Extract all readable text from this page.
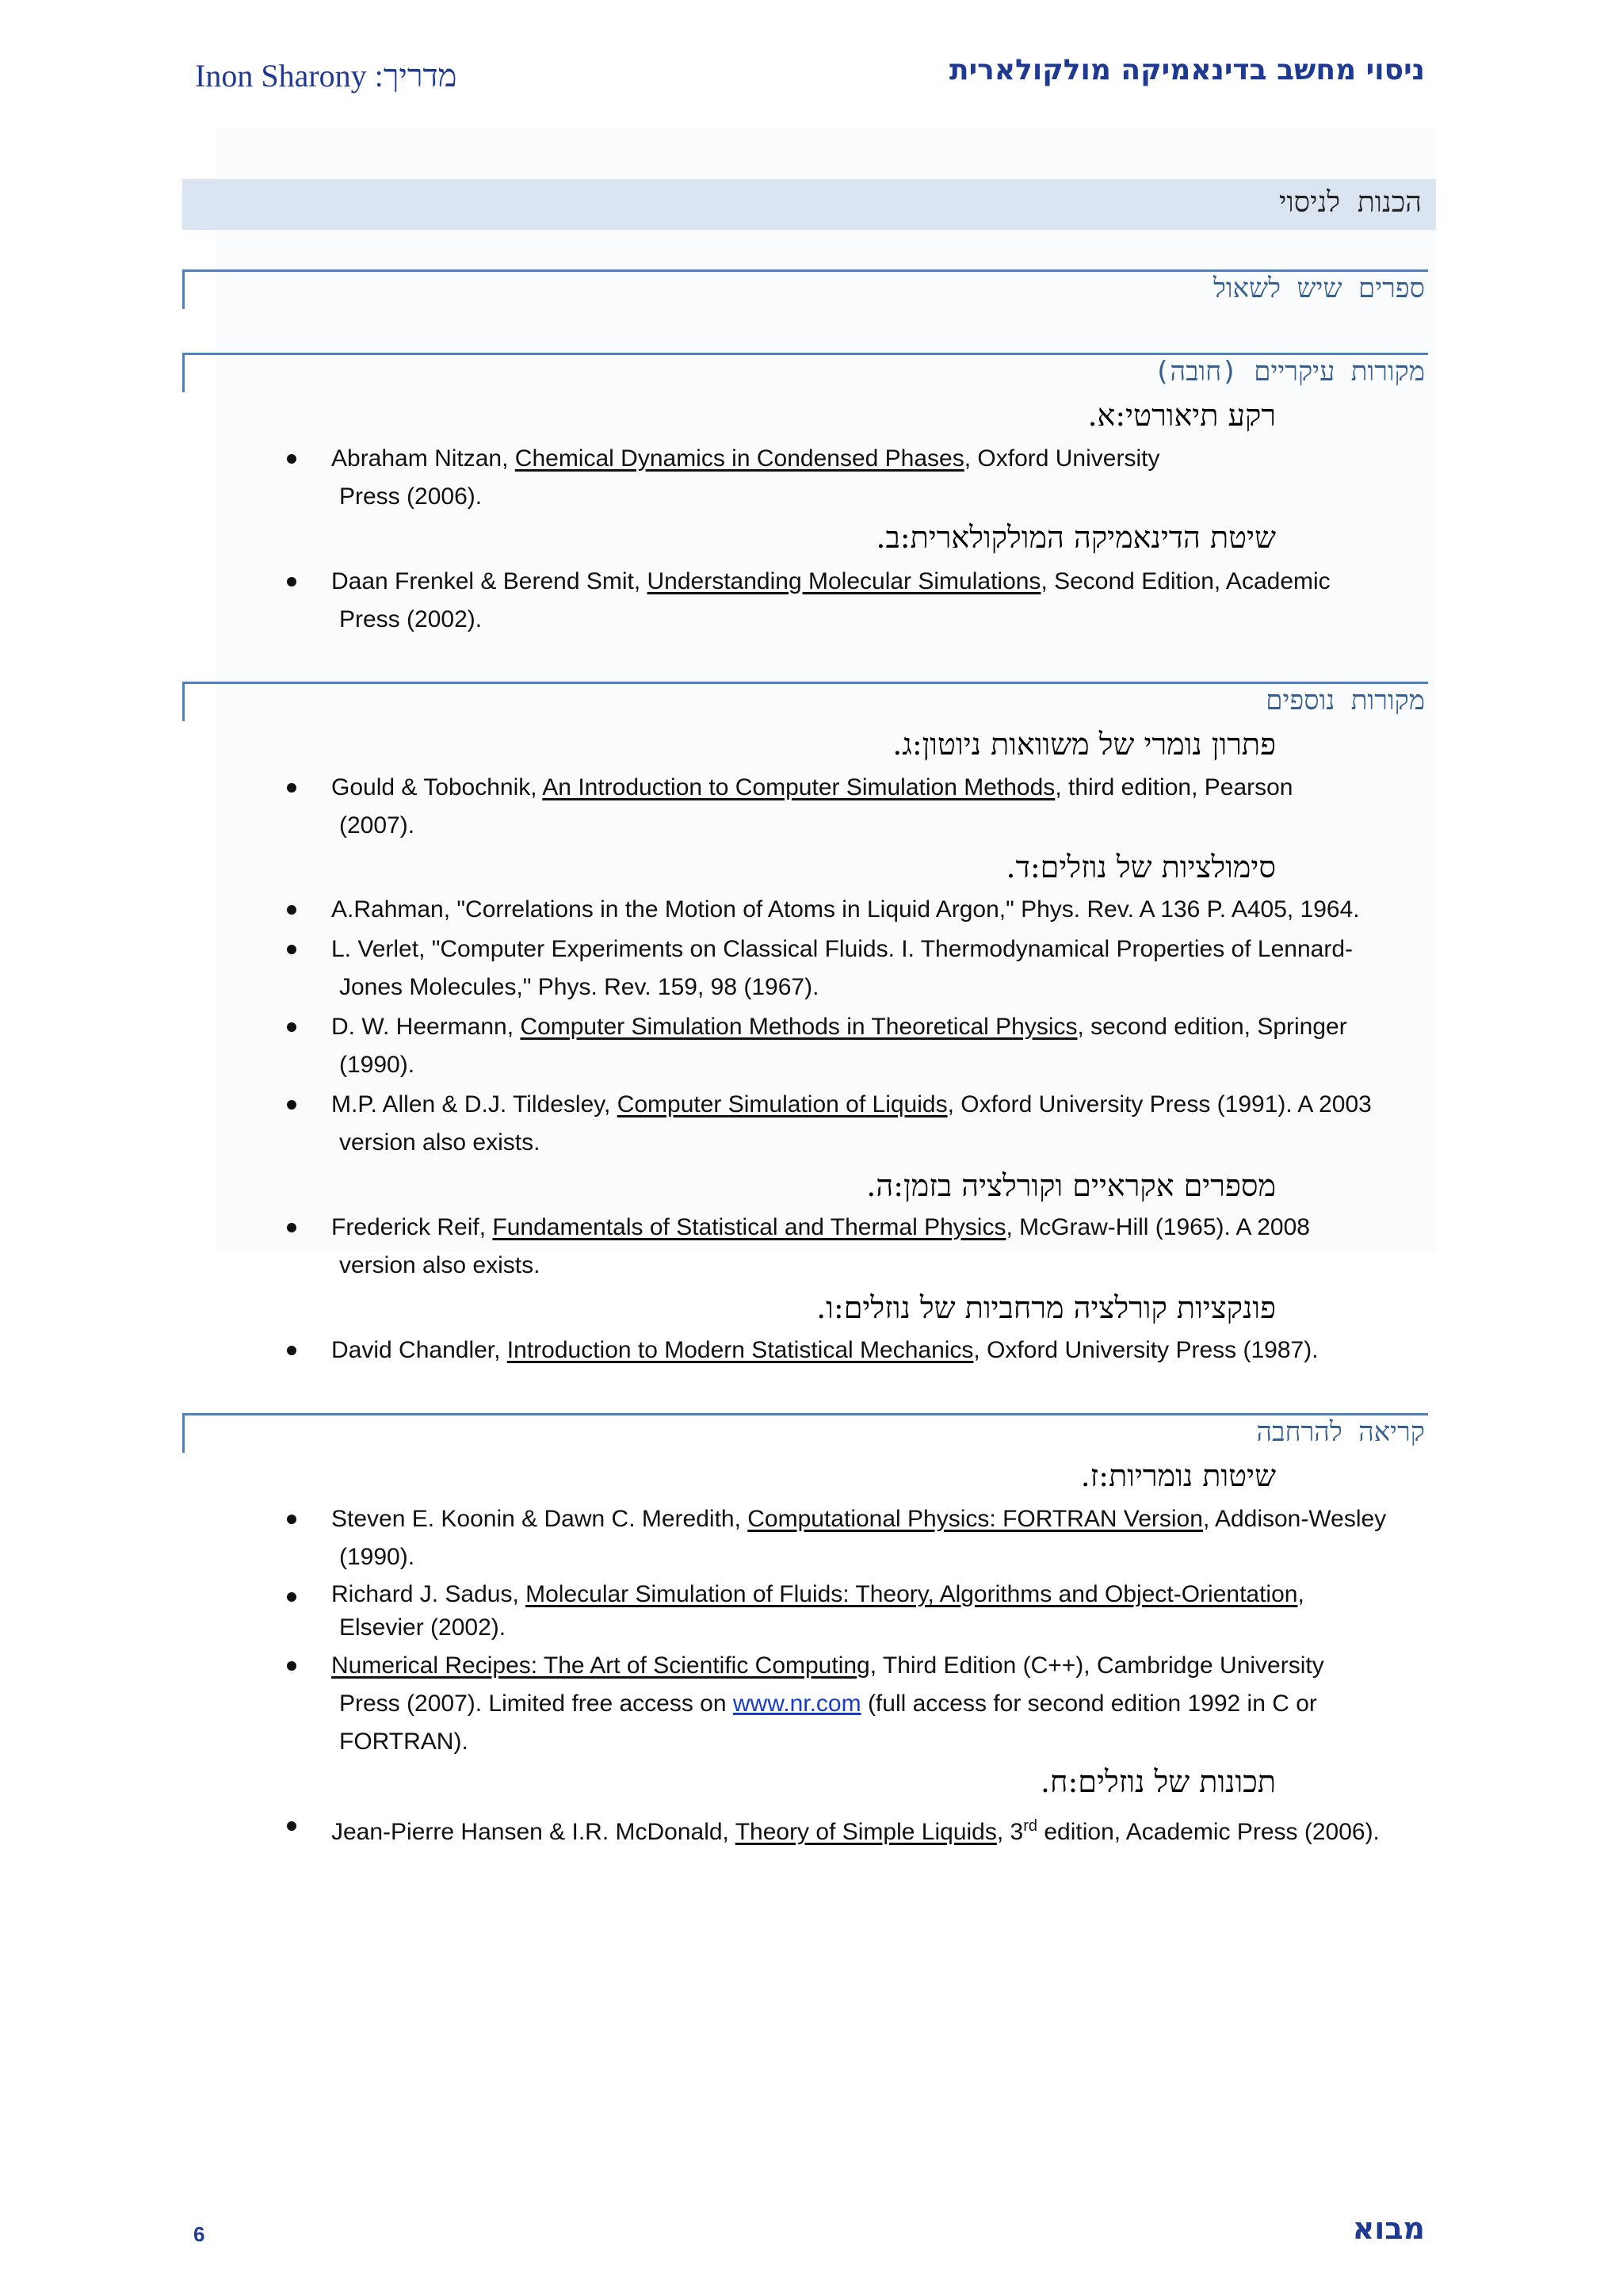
Inon Sharony :מדריך	ניסוי מחשב בדינאמיקה מולקולארית
הכנות לניסוי
ספרים שיש לשאול
מקורות עיקריים (חובה)
רקע תיאורטי:א.
Abraham Nitzan, Chemical Dynamics in Condensed Phases, Oxford University
Press (2006).
שיטת הדינאמיקה המולקולארית:ב.
Daan Frenkel & Berend Smit, Understanding Molecular Simulations, Second Edition, Academic
Press (2002).
מקורות נוספים
פתרון נומרי של משוואות ניוטון:ג.
Gould & Tobochnik, An Introduction to Computer Simulation Methods, third edition, Pearson
(2007).
סימולציות של נוזלים:ד.
A.Rahman, "Correlations in the Motion of Atoms in Liquid Argon," Phys. Rev. A 136 P. A405, 1964.
L. Verlet, "Computer Experiments on Classical Fluids. I. Thermodynamical Properties of Lennard-
Jones Molecules," Phys. Rev. 159, 98 (1967).
D. W. Heermann, Computer Simulation Methods in Theoretical Physics, second edition, Springer
(1990).
M.P. Allen & D.J. Tildesley, Computer Simulation of Liquids, Oxford University Press (1991). A 2003
version also exists.
מספרים אקראיים וקורלציה בזמן:ה.
Frederick Reif, Fundamentals of Statistical and Thermal Physics, McGraw-Hill (1965). A 2008
version also exists.
פונקציות קורלציה מרחביות של נוזלים:ו.
David Chandler, Introduction to Modern Statistical Mechanics, Oxford University Press (1987).
קריאה להרחבה
שיטות נומריות:ז.
Steven E. Koonin & Dawn C. Meredith, Computational Physics: FORTRAN Version, Addison-Wesley
(1990).
Richard J. Sadus, Molecular Simulation of Fluids: Theory, Algorithms and Object-Orientation,
Elsevier (2002).
Numerical Recipes: The Art of Scientific Computing, Third Edition (C++), Cambridge University
Press (2007). Limited free access on www.nr.com (full access for second edition 1992 in C or
FORTRAN).
תכונות של נוזלים:ח.
Jean-Pierre Hansen & I.R. McDonald, Theory of Simple Liquids, 3rd edition, Academic Press (2006).
6	מבוא
